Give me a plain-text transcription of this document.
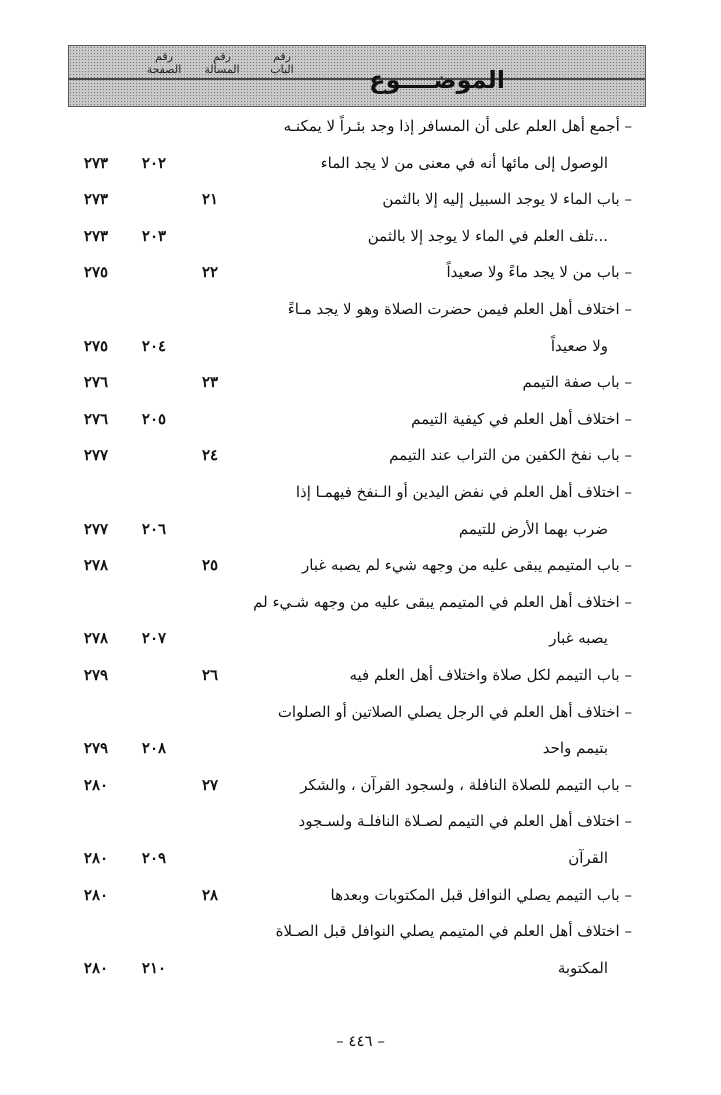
الموضــــوع
رقم
الباب
رقم
المسألة
رقم
الصفحة
– أجمع أهل العلم على أن المسافر إذا وجد بئـراً لا يمكنـه
الوصول إلى مائها أنه في معنى من لا يجد الماء
٢٠٢
٢٧٣
– باب الماء لا يوجد السبيل إليه إلا بالثمن
٢١
٢٧٣
...تلف العلم في الماء لا يوجد إلا بالثمن
٢٠٣
٢٧٣
– باب من لا يجد ماءً ولا صعيداً
٢٢
٢٧٥
– اختلاف أهل العلم فيمن حضرت الصلاة وهو لا يجد مـاءً
ولا صعيداً
٢٠٤
٢٧٥
– باب صفة التيمم
٢٣
٢٧٦
– اختلاف أهل العلم في كيفية التيمم
٢٠٥
٢٧٦
– باب نفخ الكفين من التراب عند التيمم
٢٤
٢٧٧
– اختلاف أهل العلم في نفض اليدين أو الـنفخ فيهمـا إذا
ضرب بهما الأرض للتيمم
٢٠٦
٢٧٧
– باب المتيمم يبقى عليه من وجهه شيء لم يصبه غبار
٢٥
٢٧٨
– اختلاف أهل العلم في المتيمم يبقى عليه من وجهه شـيء لم
يصبه غبار
٢٠٧
٢٧٨
– باب التيمم لكل صلاة واختلاف أهل العلم فيه
٢٦
٢٧٩
– اختلاف أهل العلم في الرجل يصلي الصلاتين أو الصلوات
بتيمم واحد
٢٠٨
٢٧٩
– باب التيمم للصلاة النافلة ، ولسجود القرآن ، والشكر
٢٧
٢٨٠
– اختلاف أهل العلم في التيمم لصـلاة النافلـة ولسـجود
القرآن
٢٠٩
٢٨٠
– باب التيمم يصلي النوافل قبل المكتوبات وبعدها
٢٨
٢٨٠
– اختلاف أهل العلم في المتيمم يصلي النوافل قبل الصـلاة
المكتوبة
٢١٠
٢٨٠
– ٤٤٦ –
